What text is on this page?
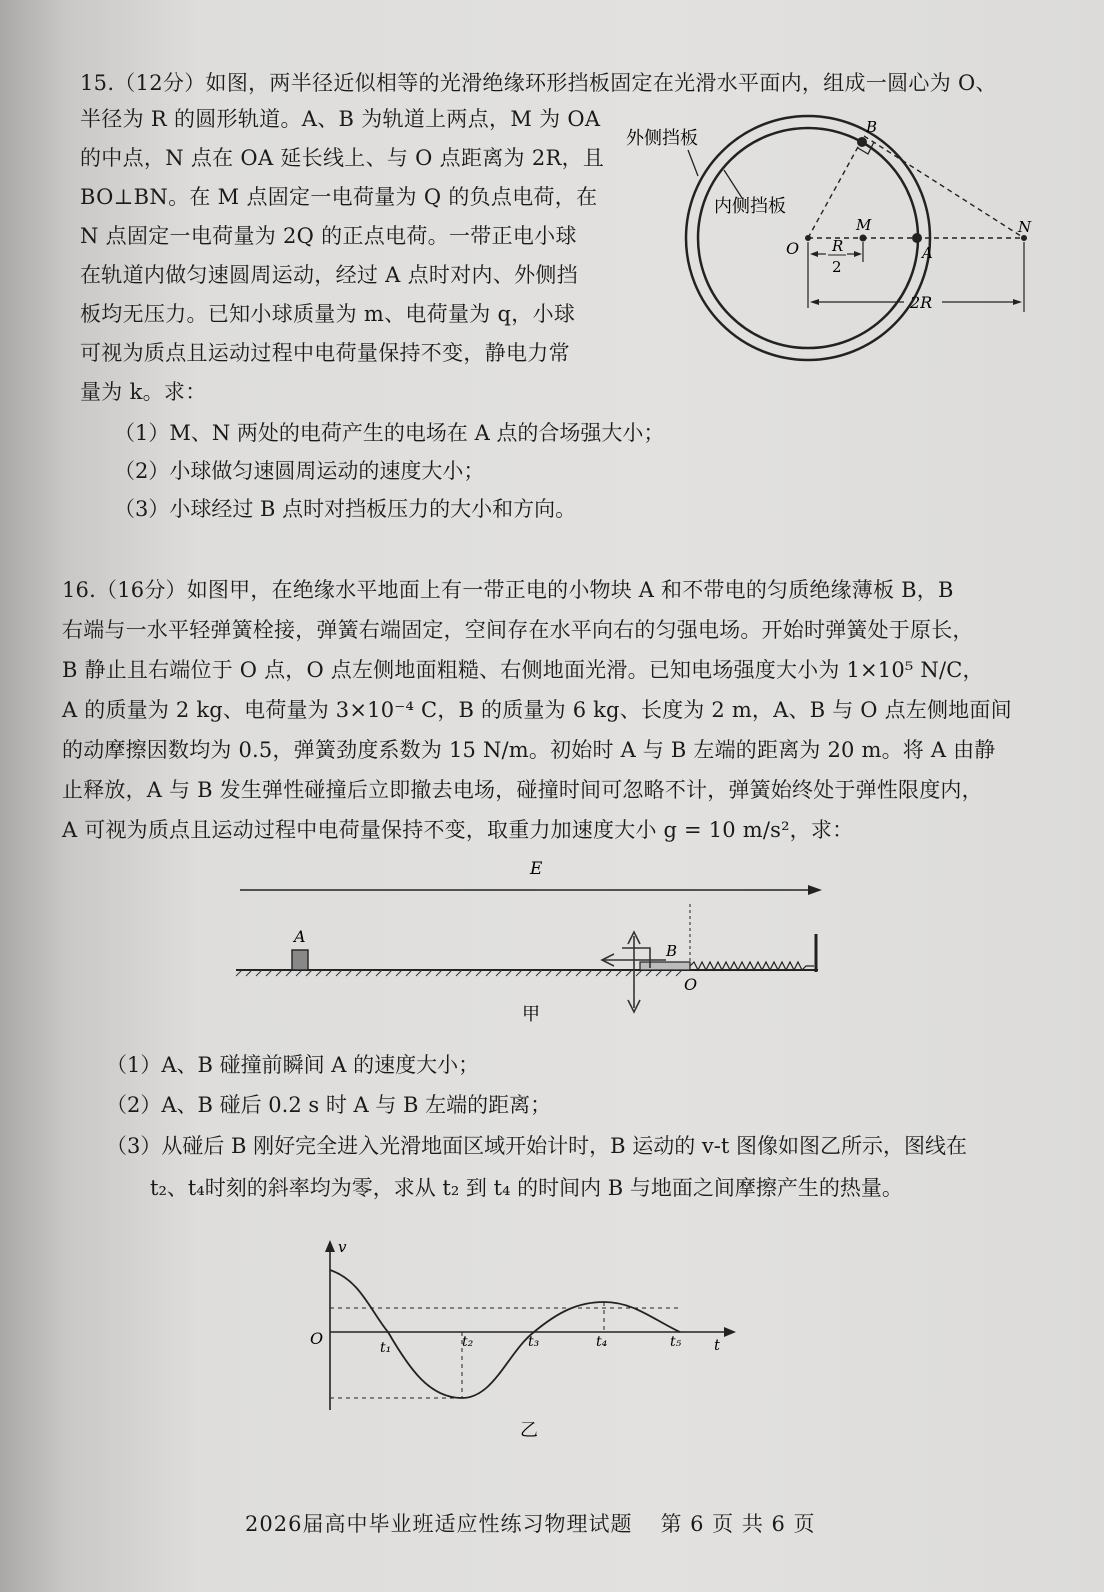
15.（12分）如图，两半径近似相等的光滑绝缘环形挡板固定在光滑水平面内，组成一圆心为 O、
半径为 R 的圆形轨道。A、B 为轨道上两点，M 为 OA
的中点，N 点在 OA 延长线上、与 O 点距离为 2R，且
BO⊥BN。在 M 点固定一电荷量为 Q 的负点电荷，在
N 点固定一电荷量为 2Q 的正点电荷。一带正电小球
在轨道内做匀速圆周运动，经过 A 点时对内、外侧挡
板均无压力。已知小球质量为 m、电荷量为 q，小球
可视为质点且运动过程中电荷量保持不变，静电力常
量为 k。求：
（1）M、N 两处的电荷产生的电场在 A 点的合场强大小；
（2）小球做匀速圆周运动的速度大小；
（3）小球经过 B 点时对挡板压力的大小和方向。
R
2
2R
外侧挡板
内侧挡板
B
O
M
A
N
16.（16分）如图甲，在绝缘水平地面上有一带正电的小物块 A 和不带电的匀质绝缘薄板 B，B
右端与一水平轻弹簧栓接，弹簧右端固定，空间存在水平向右的匀强电场。开始时弹簧处于原长，
B 静止且右端位于 O 点，O 点左侧地面粗糙、右侧地面光滑。已知电场强度大小为 1×10⁵ N/C，
A 的质量为 2 kg、电荷量为 3×10⁻⁴ C，B 的质量为 6 kg、长度为 2 m，A、B 与 O 点左侧地面间
的动摩擦因数均为 0.5，弹簧劲度系数为 15 N/m。初始时 A 与 B 左端的距离为 20 m。将 A 由静
止释放，A 与 B 发生弹性碰撞后立即撤去电场，碰撞时间可忽略不计，弹簧始终处于弹性限度内，
A 可视为质点且运动过程中电荷量保持不变，取重力加速度大小 g = 10 m/s²，求：
E
A
B
O
甲
（1）A、B 碰撞前瞬间 A 的速度大小；
（2）A、B 碰后 0.2 s 时 A 与 B 左端的距离；
（3）从碰后 B 刚好完全进入光滑地面区域开始计时，B 运动的 v-t 图像如图乙所示，图线在
t₂、t₄时刻的斜率均为零，求从 t₂ 到 t₄ 的时间内 B 与地面之间摩擦产生的热量。
v
t
O	t₁	t₂	t₃	t₄	t₅
乙
2026届高中毕业班适应性练习物理试题 第 6 页 共 6 页
